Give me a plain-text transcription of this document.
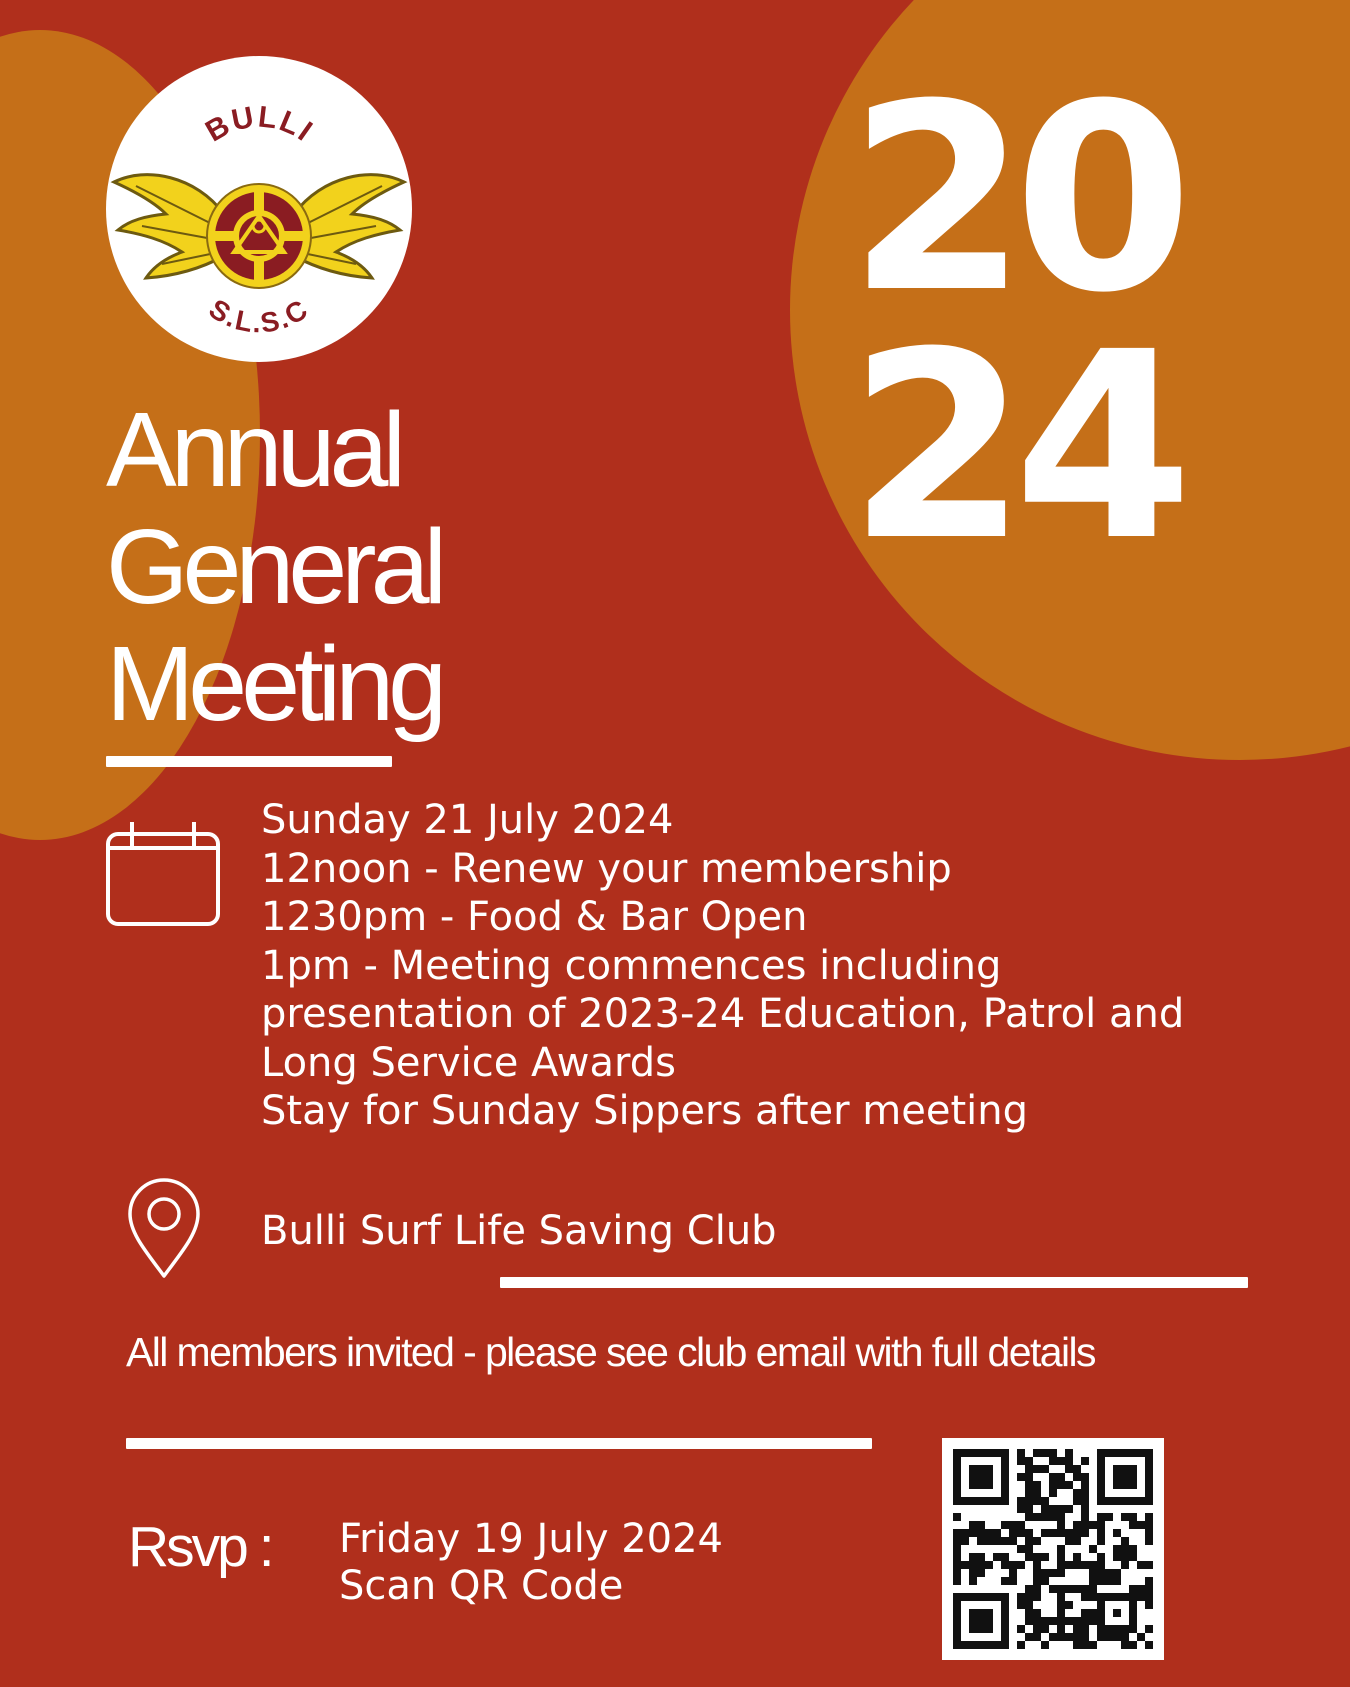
BULLI
S.L.S.C 20
24
Annual
General
Meeting
Sunday 21 July 2024
12noon - Renew your membership
1230pm - Food & Bar Open
1pm - Meeting commences including
presentation of 2023-24 Education, Patrol and
Long Service Awards
Stay for Sunday Sippers after meeting
Bulli Surf Life Saving Club
All members invited - please see club email with full details
Rsvp : Friday 19 July 2024
Scan QR Code
